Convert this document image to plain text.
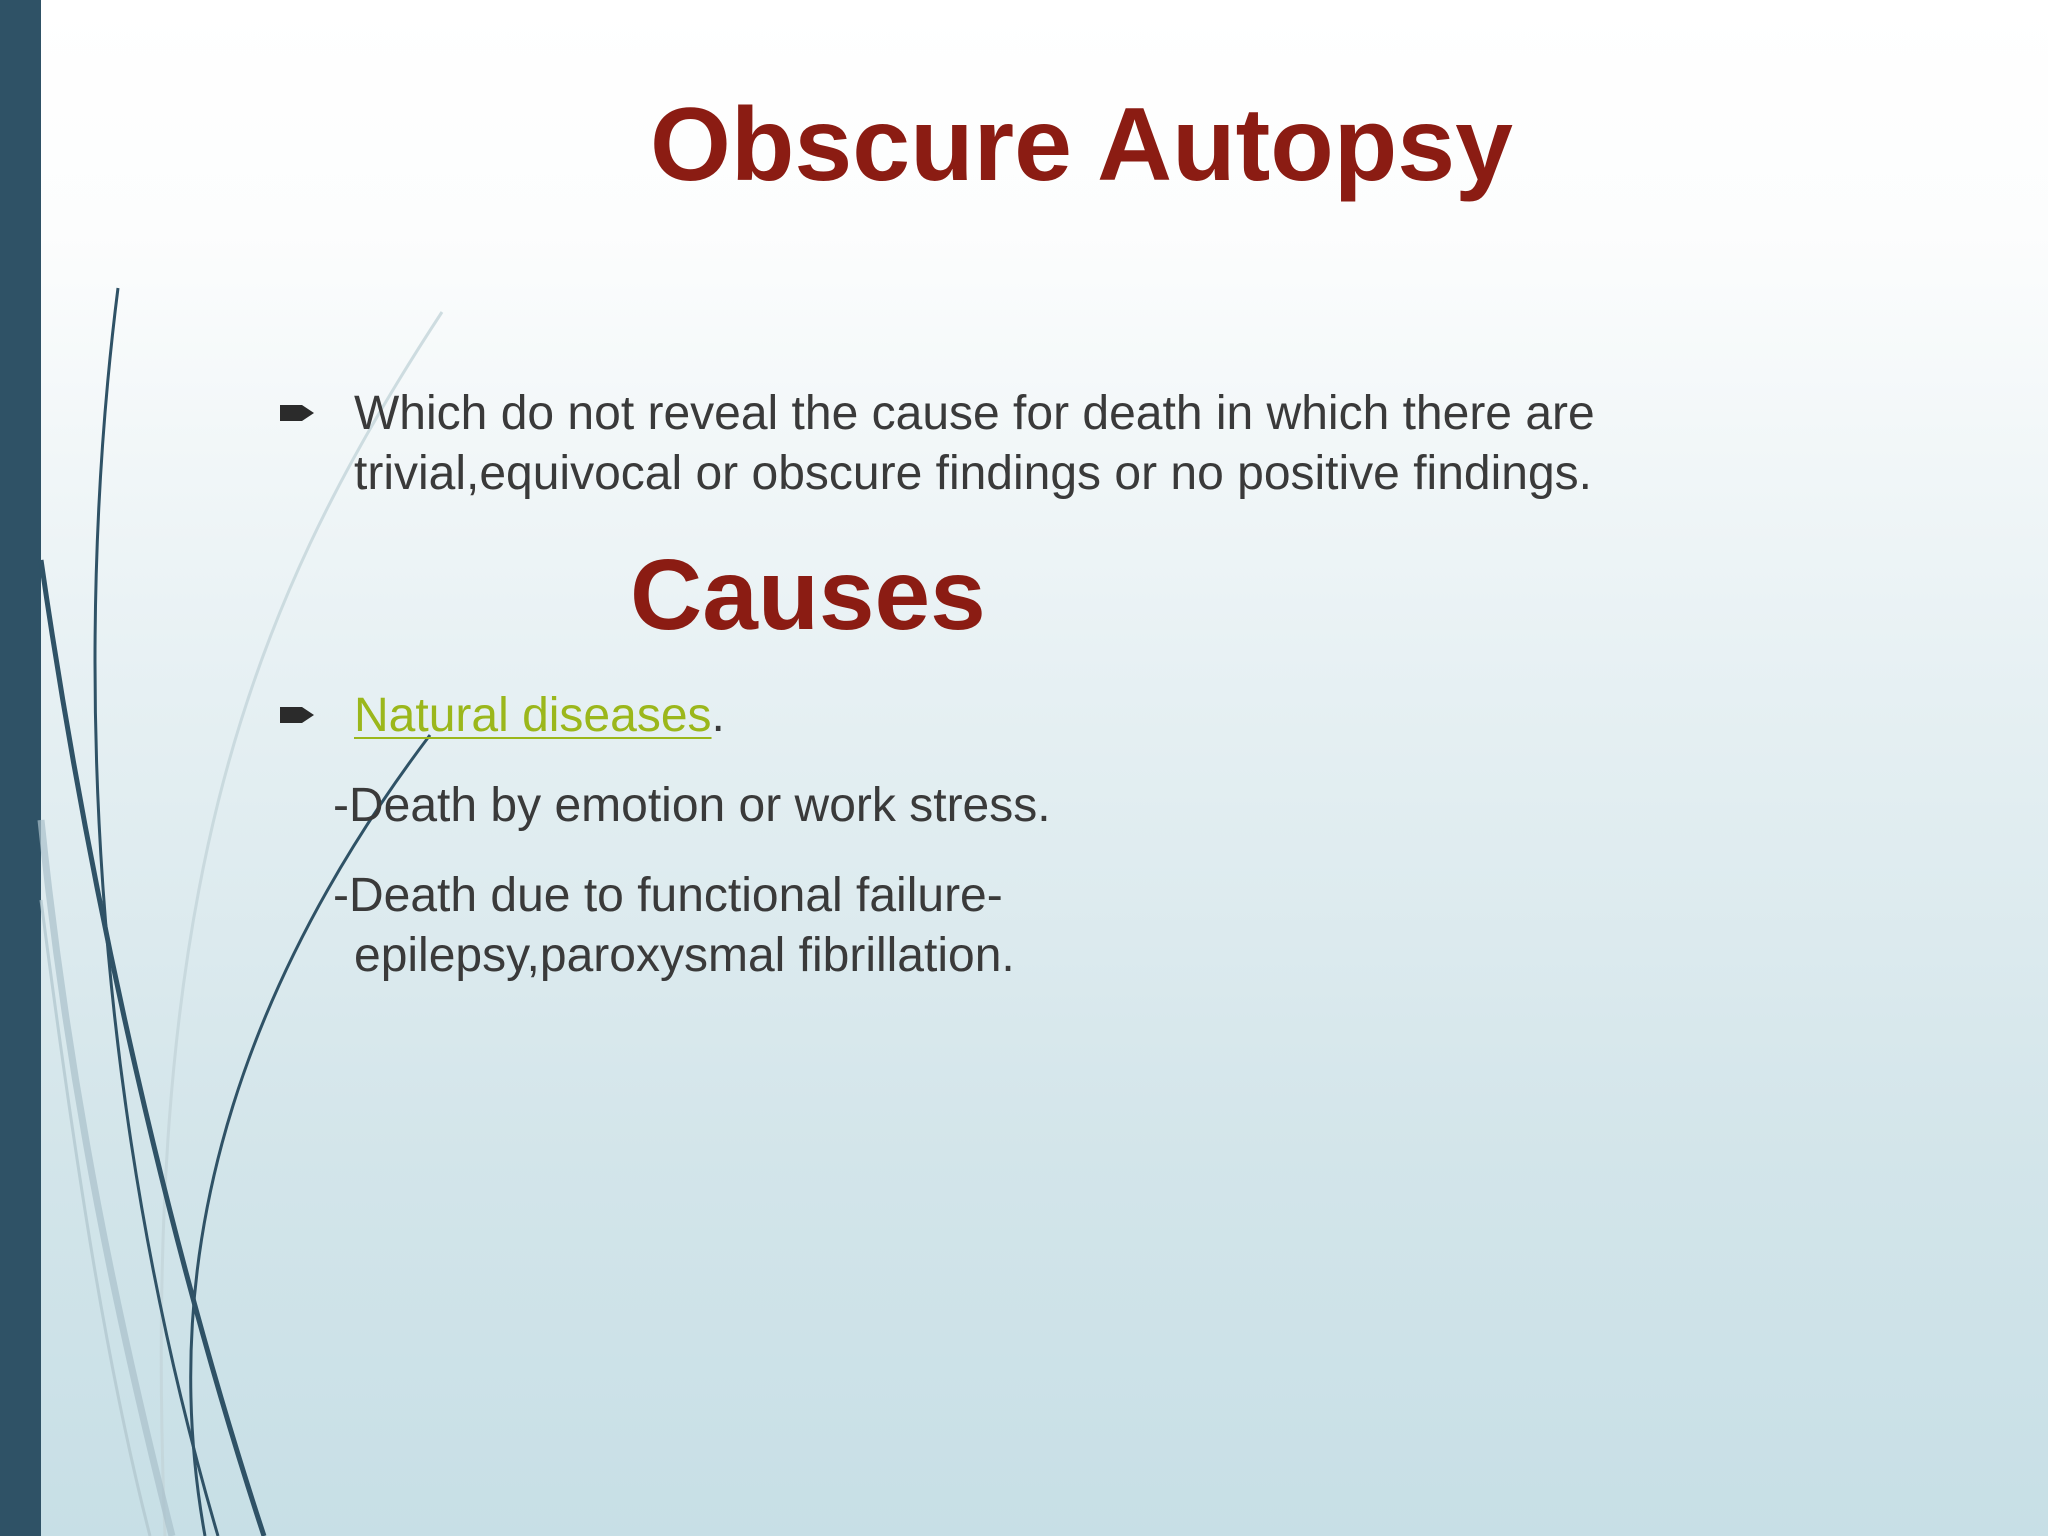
Obscure Autopsy
Which do not reveal the cause for death in which there are trivial,equivocal or obscure findings or no positive findings.
Causes
Natural diseases.
-Death by emotion or work stress.
-Death due to functional failure-
epilepsy,paroxysmal fibrillation.
